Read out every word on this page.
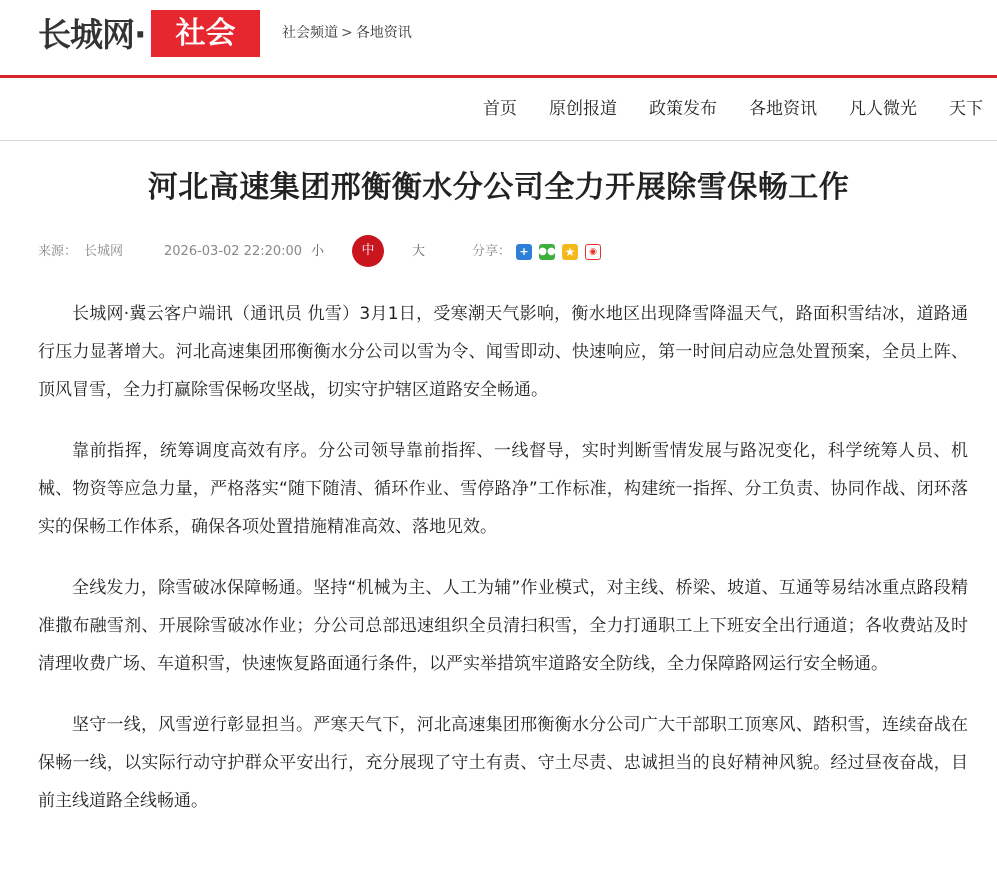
长城网· 社会	社会频道 > 各地资讯
首页	原创报道	政策发布	各地资讯	凡人微光	天下
河北高速集团邢衡衡水分公司全力开展除雪保畅工作
来源： 长城网	2026-03-02 22:20:00 小	中	大	分享： + ●● ★	◉

长城网·冀云客户端讯（通讯员 仇雪）3月1日，受寒潮天气影响，衡水地区出现降雪降温天气，路面积雪结冰，道路通行压力显著增大。河北高速集团邢衡衡水分公司以雪为令、闻雪即动、快速响应，第一时间启动应急处置预案，全员上阵、顶风冒雪，全力打赢除雪保畅攻坚战，切实守护辖区道路安全畅通。

靠前指挥，统筹调度高效有序。分公司领导靠前指挥、一线督导，实时判断雪情发展与路况变化，科学统筹人员、机械、物资等应急力量，严格落实“随下随清、循环作业、雪停路净”工作标准，构建统一指挥、分工负责、协同作战、闭环落实的保畅工作体系，确保各项处置措施精准高效、落地见效。

全线发力，除雪破冰保障畅通。坚持“机械为主、人工为辅”作业模式，对主线、桥梁、坡道、互通等易结冰重点路段精准撒布融雪剂、开展除雪破冰作业；分公司总部迅速组织全员清扫积雪，全力打通职工上下班安全出行通道；各收费站及时清理收费广场、车道积雪，快速恢复路面通行条件，以严实举措筑牢道路安全防线，全力保障路网运行安全畅通。

坚守一线，风雪逆行彰显担当。严寒天气下，河北高速集团邢衡衡水分公司广大干部职工顶寒风、踏积雪，连续奋战在保畅一线，以实际行动守护群众平安出行，充分展现了守土有责、守土尽责、忠诚担当的良好精神风貌。经过昼夜奋战，目前主线道路全线畅通。
